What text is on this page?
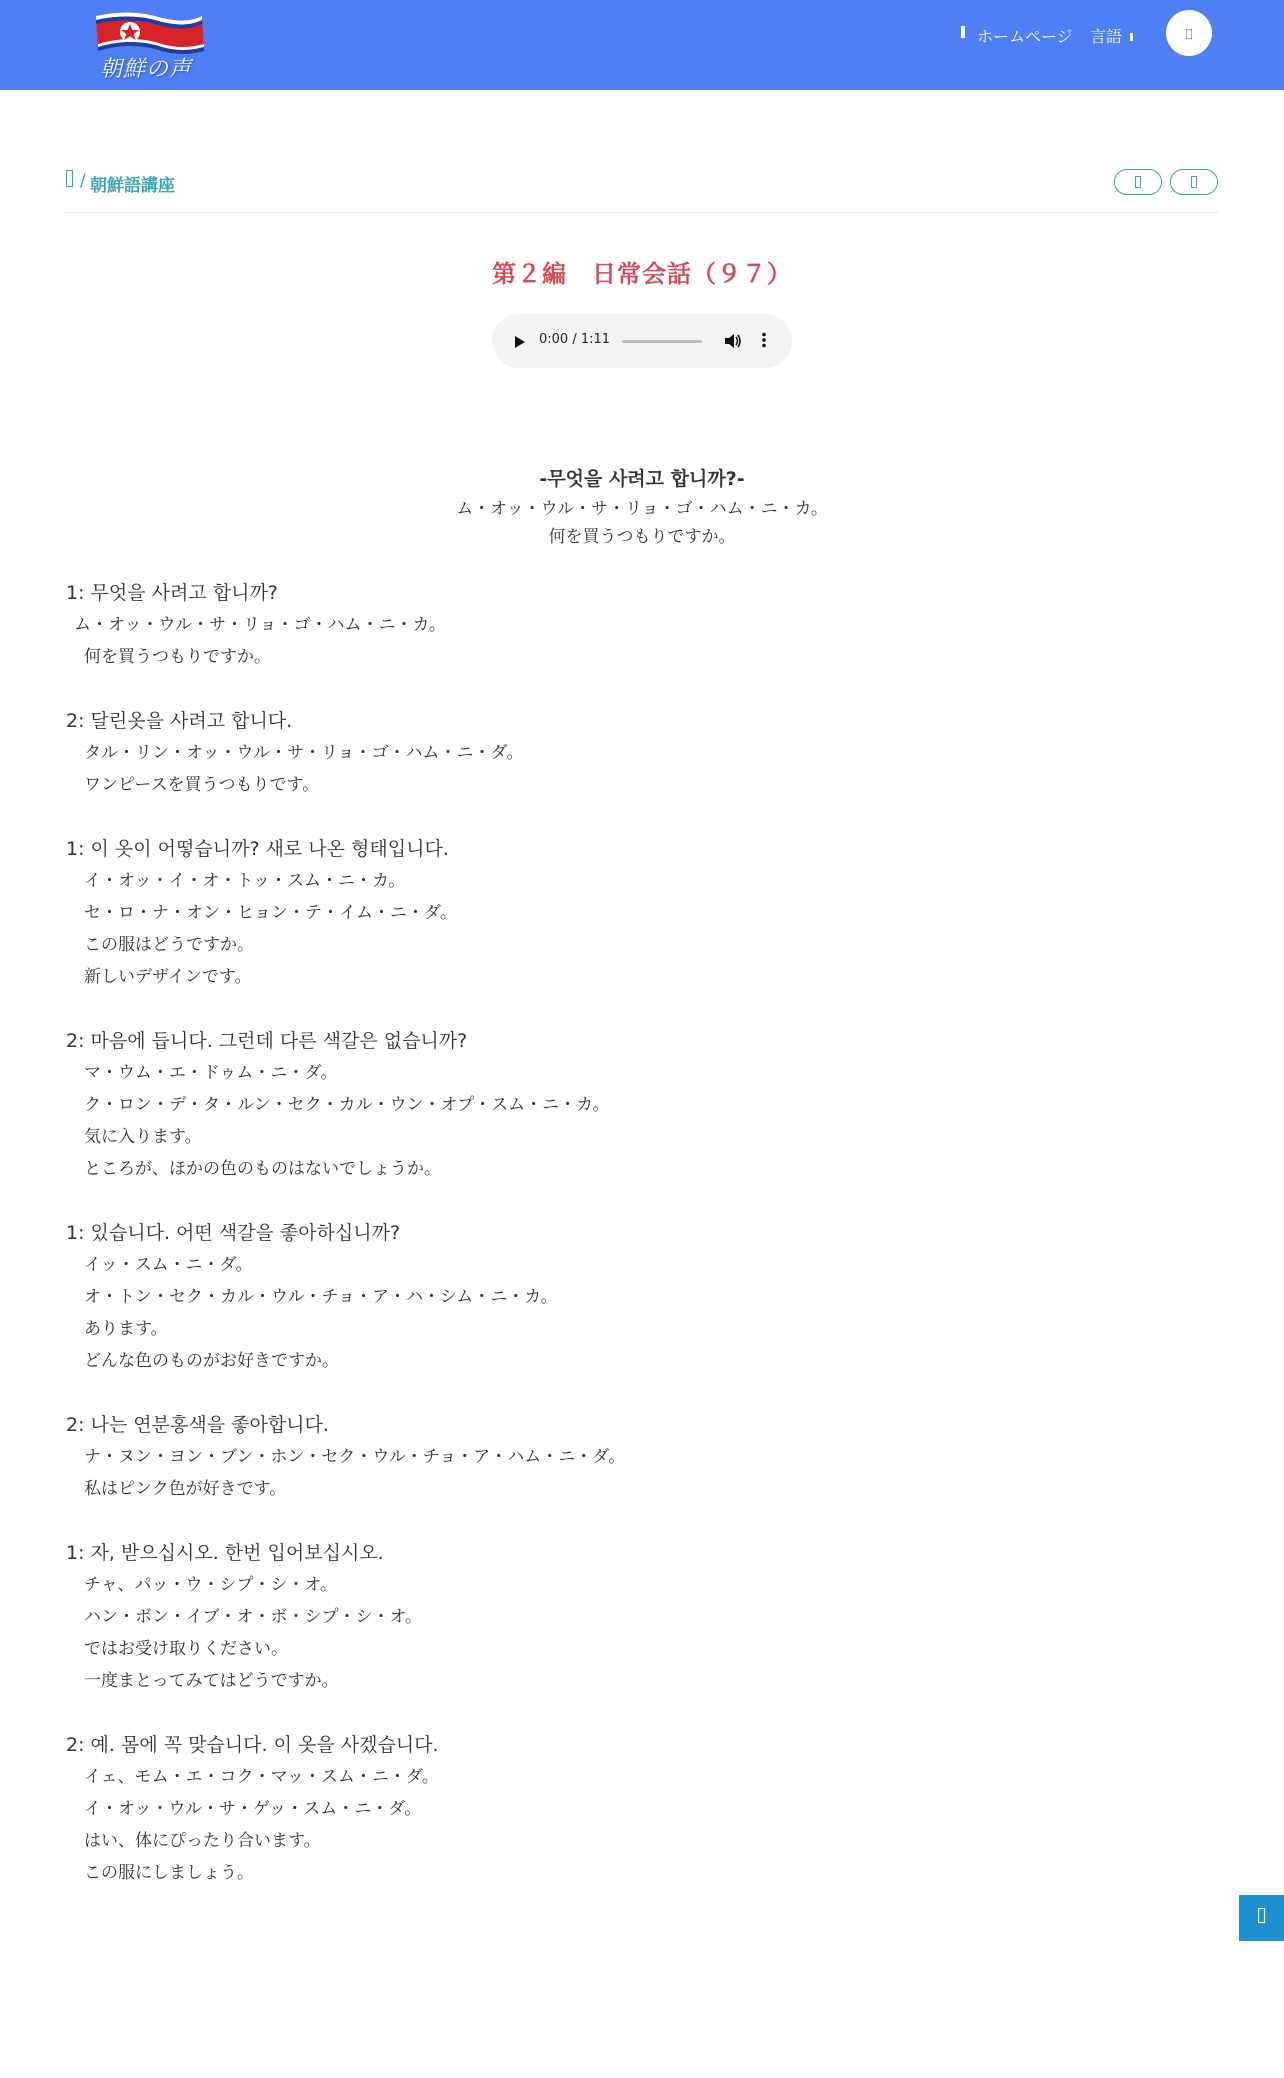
朝鮮の声
ホームページ 言語
/ 朝鮮語講座
第２編　日常会話（９７）
0:00 / 1:11
-무엇을 사려고 합니까?-
ム・オッ・ウル・サ・リョ・ゴ・ハム・ニ・カ。
何を買うつもりですか。
1: 무엇을 사려고 합니까?
ム・オッ・ウル・サ・リョ・ゴ・ハム・ニ・カ。
何を買うつもりですか。
2: 달린옷을 사려고 합니다.
タル・リン・オッ・ウル・サ・リョ・ゴ・ハム・ニ・ダ。
ワンピースを買うつもりです。
1: 이 옷이 어떻습니까? 새로 나온 형태입니다.
イ・オッ・イ・オ・トッ・スム・ニ・カ。
セ・ロ・ナ・オン・ヒョン・テ・イム・ニ・ダ。
この服はどうですか。
新しいデザインです。
2: 마음에 듭니다. 그런데 다른 색갈은 없습니까?
マ・ウム・エ・ドゥム・ニ・ダ。
ク・ロン・デ・タ・ルン・セク・カル・ウン・オプ・スム・ニ・カ。
気に入ります。
ところが、ほかの色のものはないでしょうか。
1: 있습니다. 어떤 색갈을 좋아하십니까?
イッ・スム・ニ・ダ。
オ・トン・セク・カル・ウル・チョ・ア・ハ・シム・ニ・カ。
あります。
どんな色のものがお好きですか。
2: 나는 연분홍색을 좋아합니다.
ナ・ヌン・ヨン・ブン・ホン・セク・ウル・チョ・ア・ハム・ニ・ダ。
私はピンク色が好きです。
1: 자, 받으십시오. 한번 입어보십시오.
チャ、パッ・ウ・シプ・シ・オ。
ハン・ボン・イブ・オ・ボ・シプ・シ・オ。
ではお受け取りください。
一度まとってみてはどうですか。
2: 예. 몸에 꼭 맞습니다. 이 옷을 사겠습니다.
イェ、モム・エ・コク・マッ・スム・ニ・ダ。
イ・オッ・ウル・サ・ゲッ・スム・ニ・ダ。
はい、体にぴったり合います。
この服にしましょう。
